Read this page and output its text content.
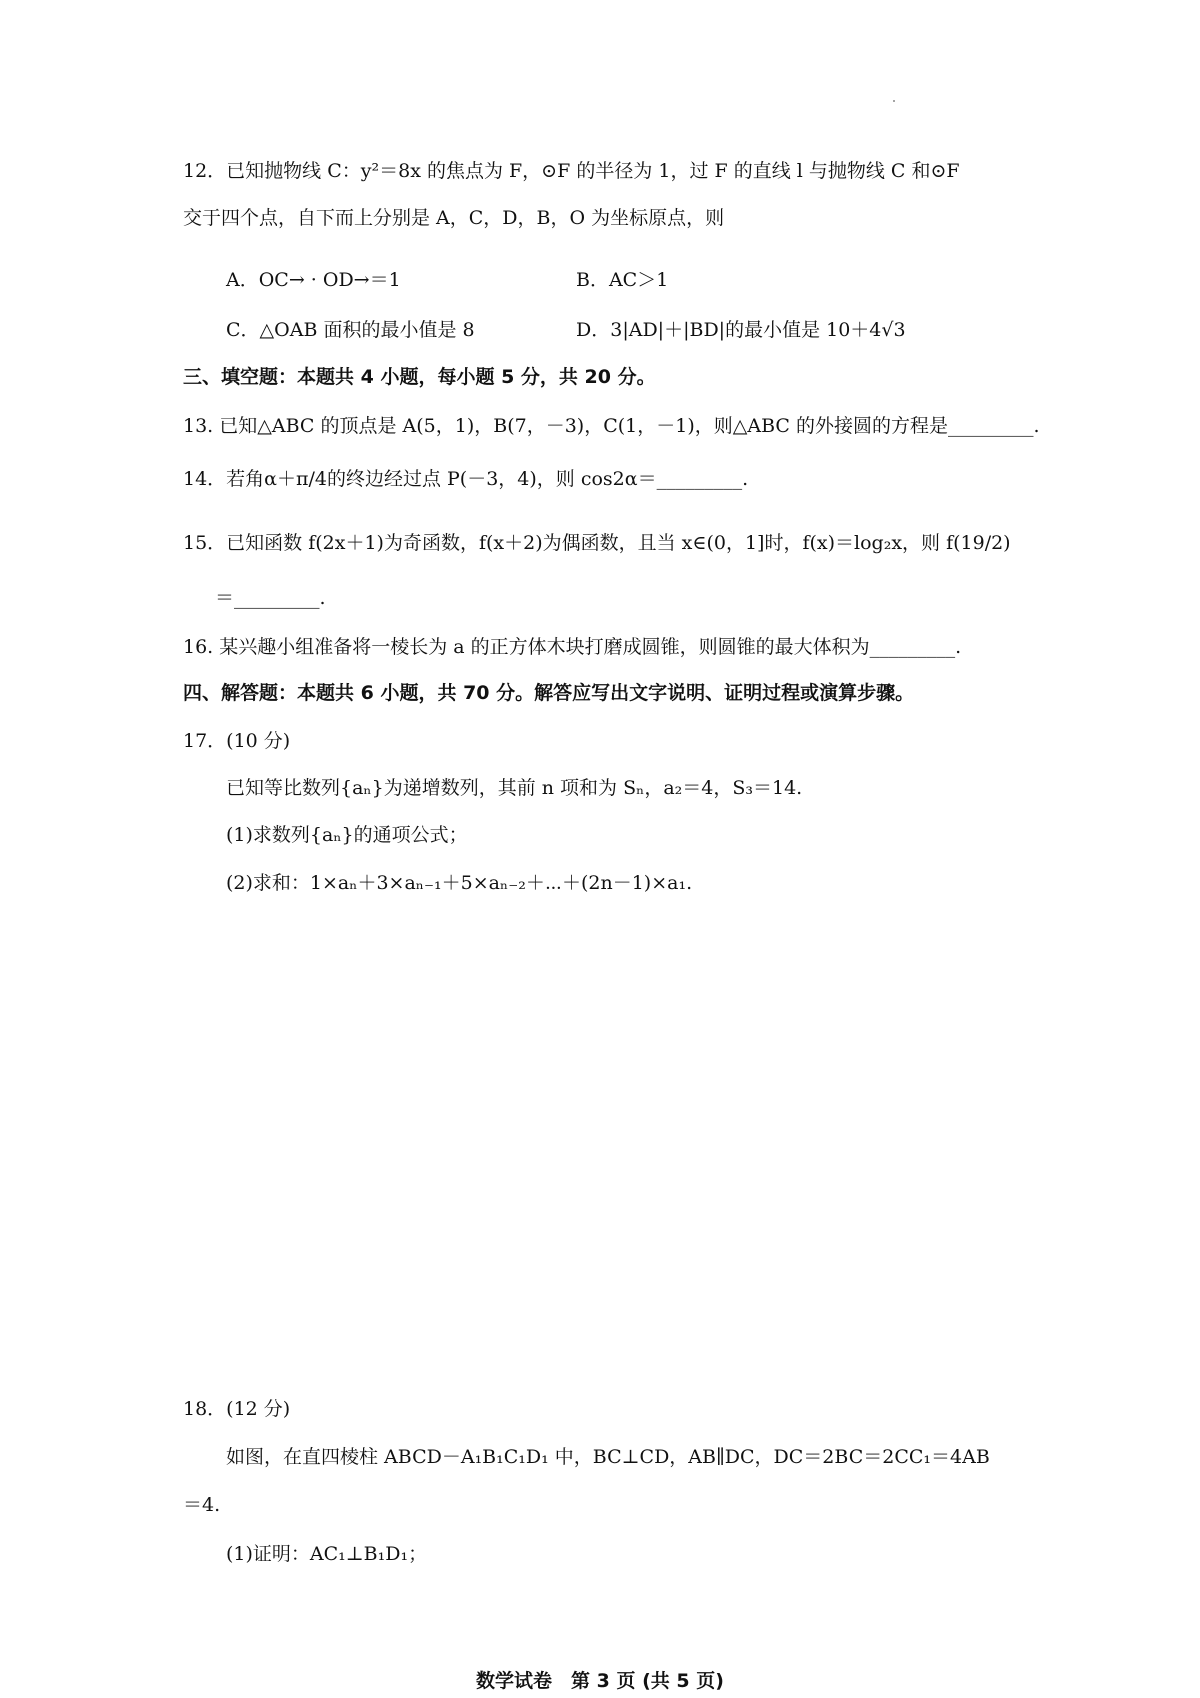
12．已知抛物线 C：y²＝8x 的焦点为 F，⊙F 的半径为 1，过 F 的直线 l 与抛物线 C 和⊙F
交于四个点，自下而上分别是 A，C，D，B，O 为坐标原点，则
A．OC→ · OD→＝1	B．AC＞1
C．△OAB 面积的最小值是 8	D．3|AD|＋|BD|的最小值是 10＋4√3
三、填空题：本题共 4 小题，每小题 5 分，共 20 分。
13. 已知△ABC 的顶点是 A(5，1)，B(7，－3)，C(1，－1)，则△ABC 的外接圆的方程是_________.
14．若角α＋π/4的终边经过点 P(－3，4)，则 cos2α＝_________.
15．已知函数 f(2x＋1)为奇函数，f(x＋2)为偶函数，且当 x∈(0，1]时，f(x)＝log₂x，则 f(19/2)
＝_________.
16. 某兴趣小组准备将一棱长为 a 的正方体木块打磨成圆锥，则圆锥的最大体积为_________.
四、解答题：本题共 6 小题，共 70 分。解答应写出文字说明、证明过程或演算步骤。
17．(10 分)
已知等比数列{aₙ}为递增数列，其前 n 项和为 Sₙ，a₂＝4，S₃＝14.
(1)求数列{aₙ}的通项公式；
(2)求和：1×aₙ＋3×aₙ₋₁＋5×aₙ₋₂＋⋯＋(2n－1)×a₁.
18．(12 分)
如图，在直四棱柱 ABCD－A₁B₁C₁D₁ 中，BC⊥CD，AB∥DC，DC＝2BC＝2CC₁＝4AB
＝4.
(1)证明：AC₁⊥B₁D₁；
数学试卷　第 3 页 (共 5 页)
